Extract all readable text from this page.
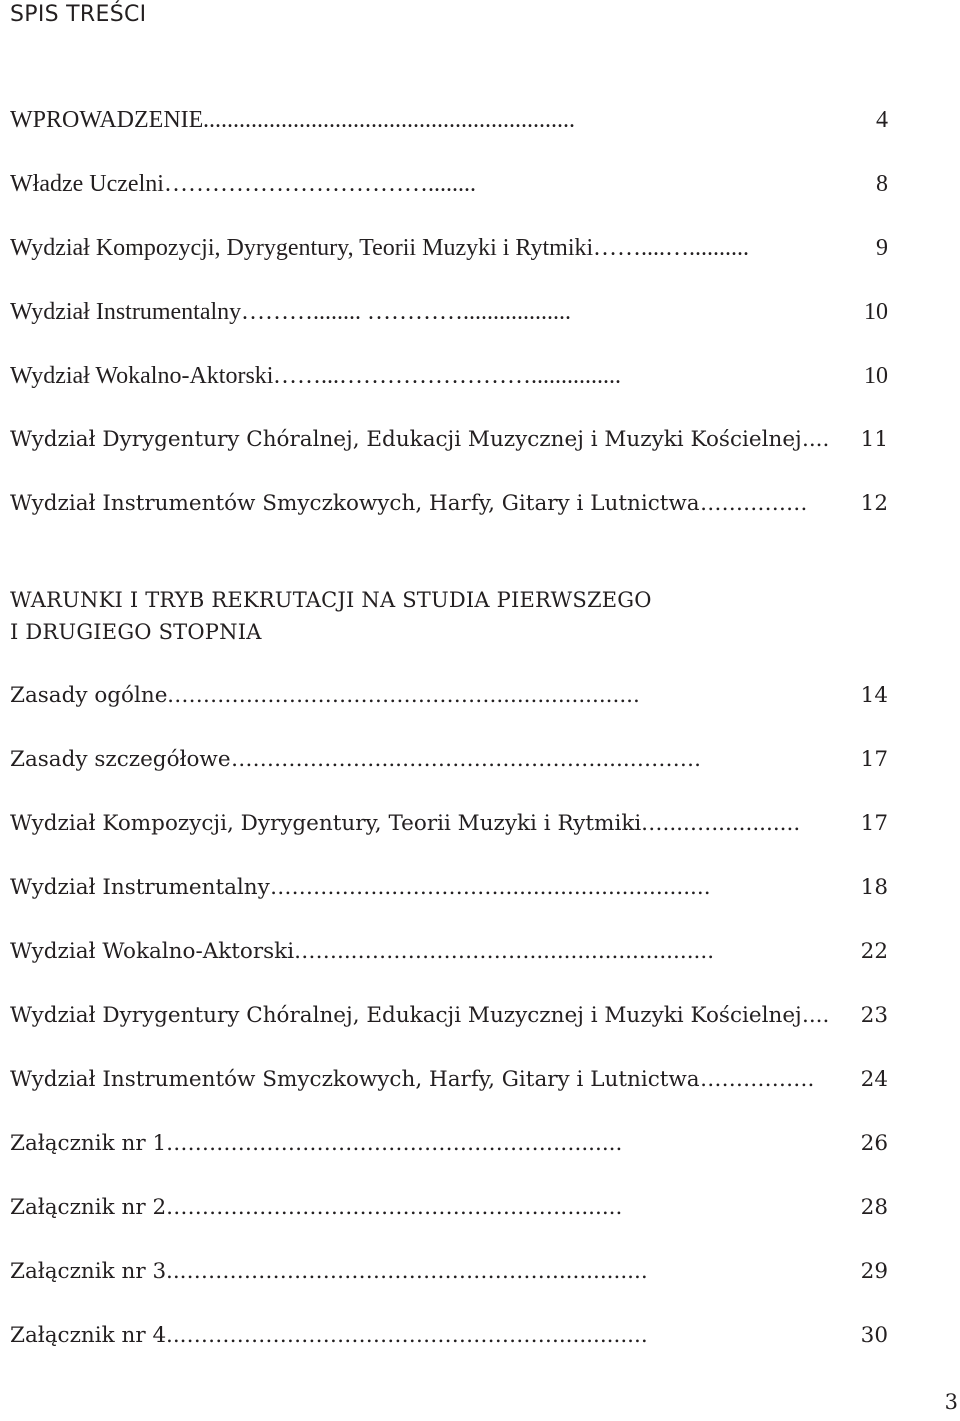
SPIS TREŚCI
WPROWADZENIE ..............................................................	4
Władze Uczelni ……………………………........	8
Wydział Kompozycji, Dyrygentury, Teorii Muzyki i Rytmiki ……....…..........	9
Wydział Instrumentalny ………........ …………..................	10
Wydział Wokalno-Aktorski ……...……………………...............	10
Wydział Dyrygentury Chóralnej, Edukacji Muzycznej i Muzyki Kościelnej .... 11
Wydział Instrumentów Smyczkowych, Harfy, Gitary i Lutnictwa …………… 12
WARUNKI I TRYB REKRUTACJI NA STUDIA PIERWSZEGO
I DRUGIEGO STOPNIA
Zasady ogólne ………………………………………......................	14
Zasady szczegółowe …………………...……………………….....……….	17
Wydział Kompozycji, Dyrygentury, Teorii Muzyki i Rytmiki …....….............	17
Wydział Instrumentalny ……………..……………...............................	18
Wydział Wokalno-Aktorski ……...……………………...........................	22
Wydział Dyrygentury Chóralnej, Edukacji Muzycznej i Muzyki Kościelnej .... 23
Wydział Instrumentów Smyczkowych, Harfy, Gitary i Lutnictwa ……………. 24
Załącznik nr 1 ………………………………………………….......	26
Załącznik nr 2 ………………………………………………….......	28
Załącznik nr 3 ...……………………………………………..............	29
Załącznik nr 4 ...……………………………………………..............	30
3
